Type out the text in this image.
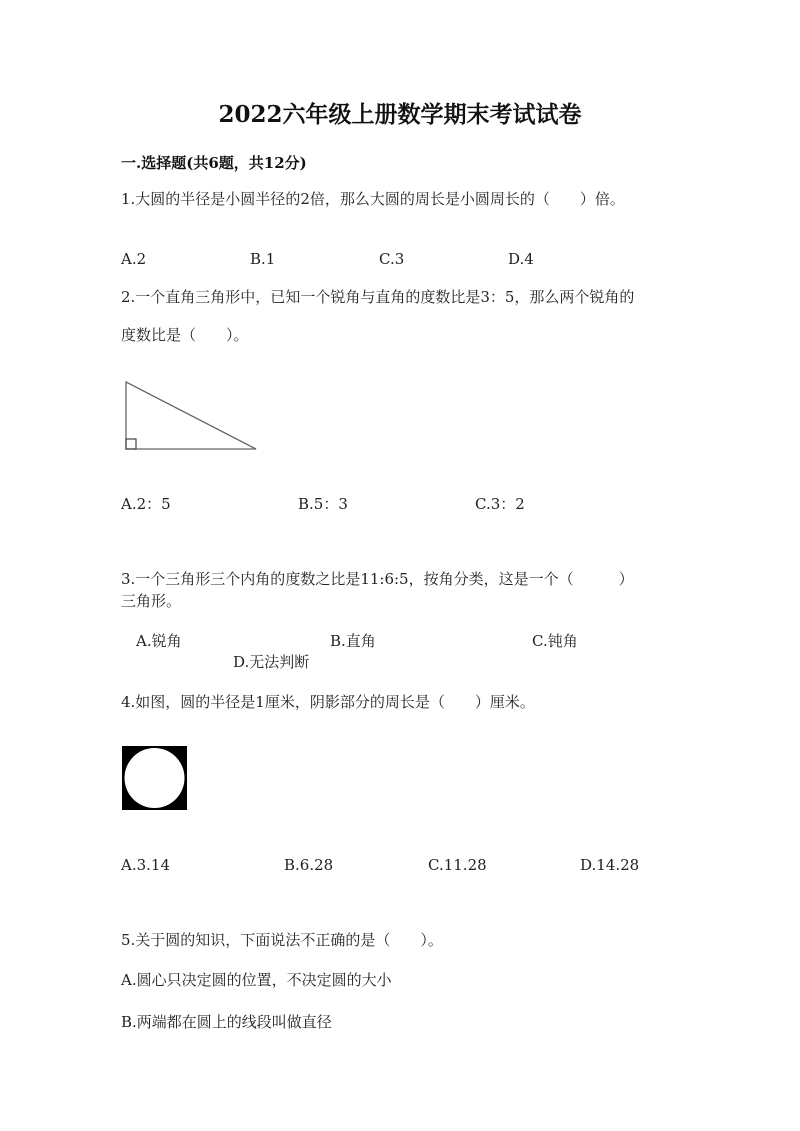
2022六年级上册数学期末考试试卷
一.选择题(共6题，共12分)
1.大圆的半径是小圆半径的2倍，那么大圆的周长是小圆周长的（　　）倍。
A.2	B.1	C.3	D.4
2.一个直角三角形中，已知一个锐角与直角的度数比是3：5，那么两个锐角的
度数比是（　　）。
A.2：5	B.5：3	C.3：2
3.一个三角形三个内角的度数之比是11:6:5，按角分类，这是一个（　　　）
三角形。
A.锐角	B.直角	C.钝角
D.无法判断
4.如图，圆的半径是1厘米，阴影部分的周长是（　　）厘米。
A.3.14	B.6.28	C.11.28	D.14.28
5.关于圆的知识，下面说法不正确的是（　　）。
A.圆心只决定圆的位置，不决定圆的大小
B.两端都在圆上的线段叫做直径
